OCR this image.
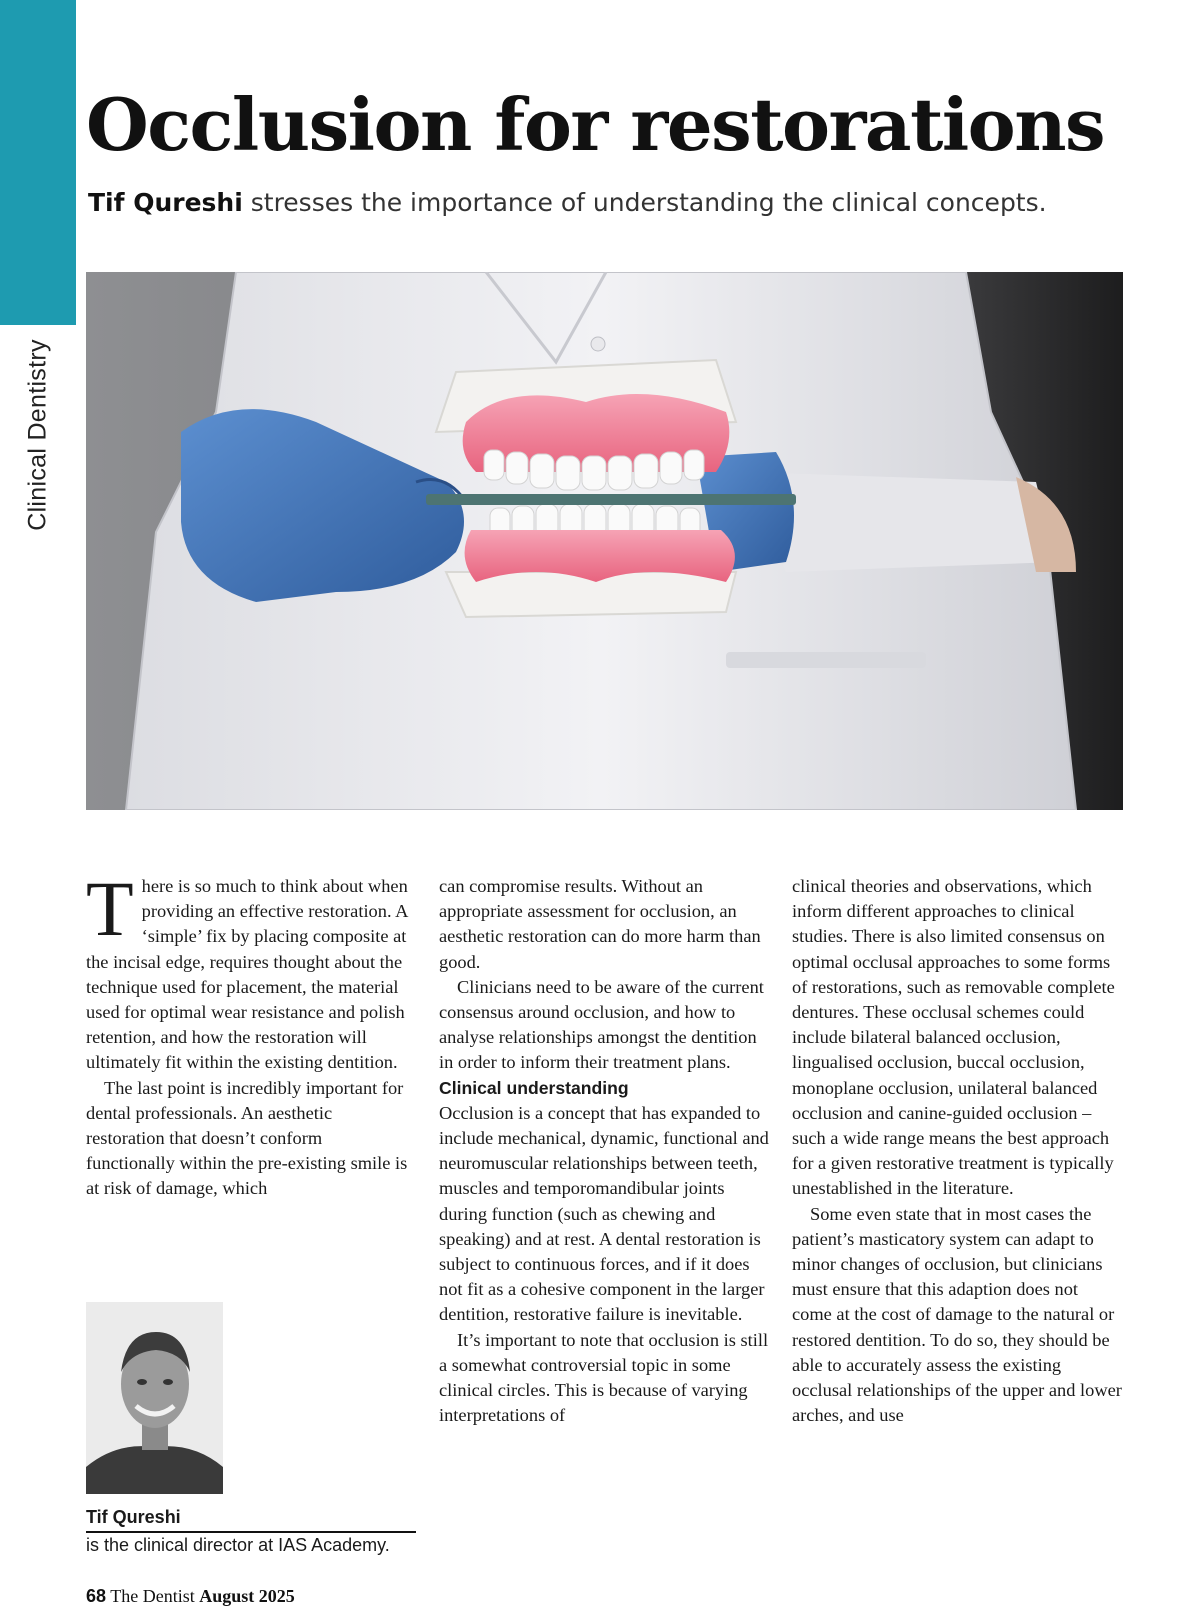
Clinical Dentistry
Occlusion for restorations

Tif Qureshi stresses the importance of understanding the clinical concepts.

There is so much to think about when providing an effective restoration. A ‘simple’ fix by placing composite at the incisal edge, requires thought about the technique used for placement, the material used for optimal wear resistance and polish retention, and how the restoration will ultimately fit within the existing dentition.

The last point is incredibly important for dental professionals. An aesthetic restoration that doesn’t conform functionally within the pre-existing smile is at risk of damage, which

can compromise results. Without an appropriate assessment for occlusion, an aesthetic restoration can do more harm than good.

Clinicians need to be aware of the current consensus around occlusion, and how to analyse relationships amongst the dentition in order to inform their treatment plans.

Clinical understanding

Occlusion is a concept that has expanded to include mechanical, dynamic, functional and neuromuscular relationships between teeth, muscles and temporomandibular joints during function (such as chewing and speaking) and at rest. A dental restoration is subject to continuous forces, and if it does not fit as a cohesive component in the larger dentition, restorative failure is inevitable.

It’s important to note that occlusion is still a somewhat controversial topic in some clinical circles. This is because of varying interpretations of

clinical theories and observations, which inform different approaches to clinical studies. There is also limited consensus on optimal occlusal approaches to some forms of restorations, such as removable complete dentures. These occlusal schemes could include bilateral balanced occlusion, lingualised occlusion, buccal occlusion, monoplane occlusion, unilateral balanced occlusion and canine-guided occlusion – such a wide range means the best approach for a given restorative treatment is typically unestablished in the literature.

Some even state that in most cases the patient’s masticatory system can adapt to minor changes of occlusion, but clinicians must ensure that this adaption does not come at the cost of damage to the natural or restored dentition. To do so, they should be able to accurately assess the existing occlusal relationships of the upper and lower arches, and use

Tif Qureshi
is the clinical director at IAS Academy.
68 The Dentist August 2025
